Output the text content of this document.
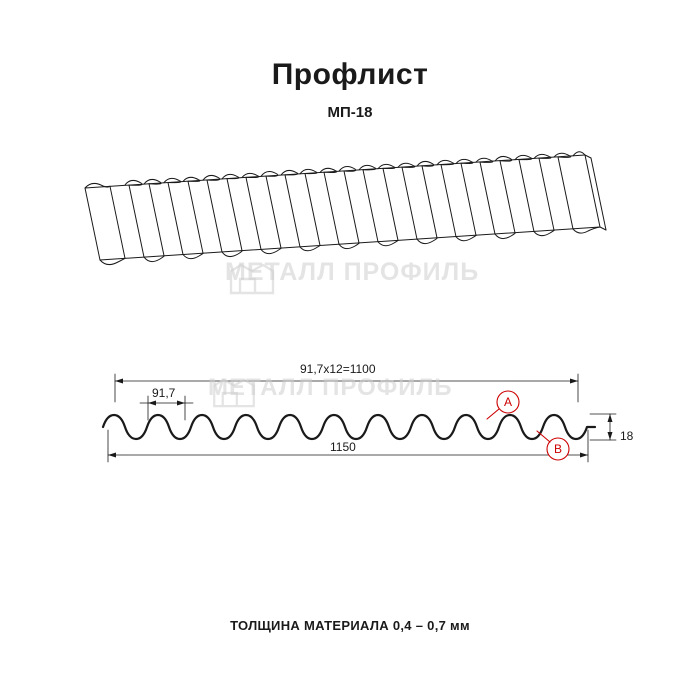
Профлист
МП-18
91,7х12=1100
91,7
1150
18
A
B
МЕТАЛЛ ПРОФИЛЬ
МЕТАЛЛ ПРОФИЛЬ
ТОЛЩИНА МАТЕРИАЛА 0,4 – 0,7 мм
